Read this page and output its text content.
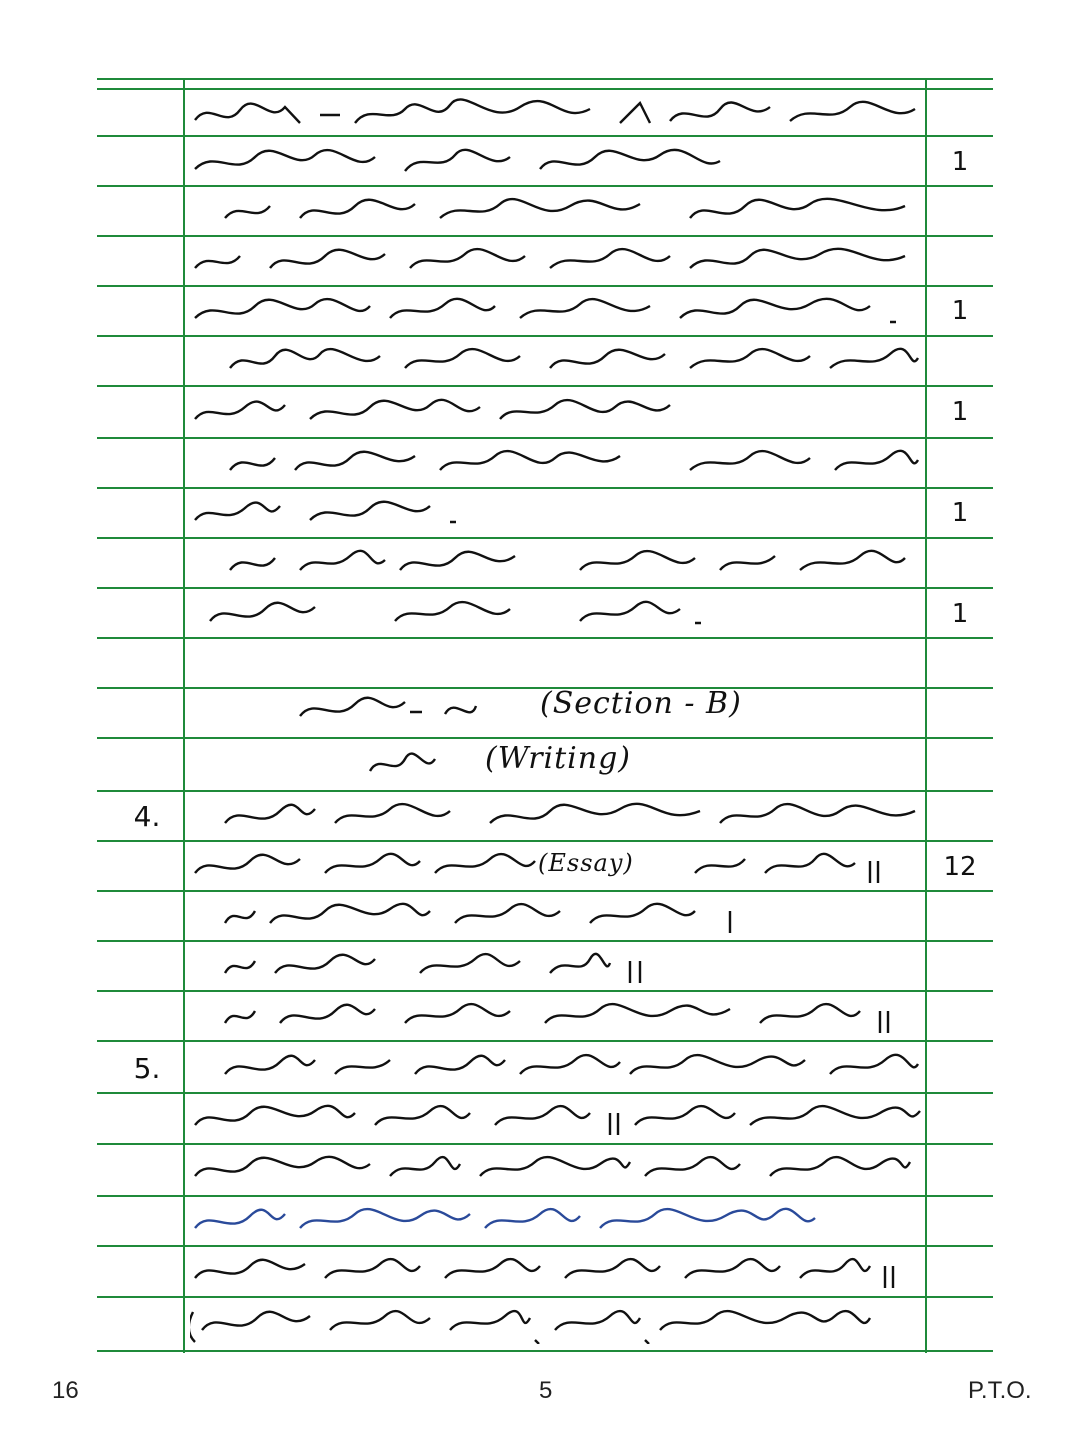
(Section - B)
(Writing)
(Essay)
4.
5.
1
1
1
1
1
12
16	5	P.T.O.
